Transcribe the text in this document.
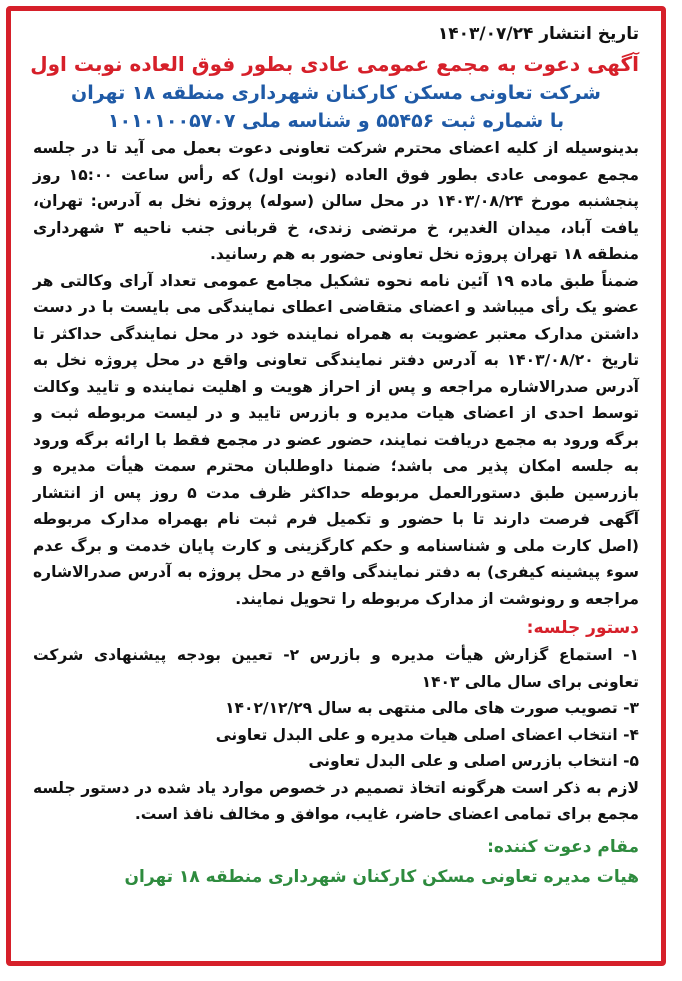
تاریخ انتشار ۱۴۰۳/۰۷/۲۴
آگهی دعوت به مجمع عمومی عادی بطور فوق العاده نوبت اول
شرکت تعاونی مسکن کارکنان شهرداری منطقه ۱۸ تهران
با شماره ثبت ۵۵۴۵۶ و شناسه ملی ۱۰۱۰۱۰۰۵۷۰۷

بدینوسیله از کلیه اعضای محترم شرکت تعاونی دعوت بعمل می آید تا در جلسه مجمع عمومی عادی بطور فوق العاده (نوبت اول) که رأس ساعت ۱۵:۰۰ روز پنجشنبه مورخ ۱۴۰۳/۰۸/۲۴ در محل سالن (سوله) پروژه نخل به آدرس: تهران، یافت آباد، میدان الغدیر، خ مرتضی زندی، خ قربانی جنب ناحیه ۳ شهرداری منطقه ۱۸ تهران پروژه نخل تعاونی حضور به هم رسانید.

ضمناً طبق ماده ۱۹ آئین نامه نحوه تشکیل مجامع عمومی تعداد آرای وکالتی هر عضو یک رأی میباشد و اعضای متقاضی اعطای نمایندگی می بایست با در دست داشتن مدارک معتبر عضویت به همراه نماینده خود در محل نمایندگی حداکثر تا تاریخ ۱۴۰۳/۰۸/۲۰ به آدرس دفتر نمایندگی تعاونی واقع در محل پروژه نخل به آدرس صدرالاشاره مراجعه و پس از احراز هویت و اهلیت نماینده و تایید وکالت توسط احدی از اعضای هیات مدیره و بازرس تایید و در لیست مربوطه ثبت و برگه ورود به مجمع دریافت نمایند، حضور عضو در مجمع فقط با ارائه برگه ورود به جلسه امکان پذیر می باشد؛ ضمنا داوطلبان محترم سمت هیأت مدیره و بازرسین طبق دستورالعمل مربوطه حداکثر ظرف مدت ۵ روز پس از انتشار آگهی فرصت دارند تا با حضور و تکمیل فرم ثبت نام بهمراه مدارک مربوطه (اصل کارت ملی و شناسنامه و حکم کارگزینی و کارت پایان خدمت و برگ عدم سوء پیشینه کیفری) به دفتر نمایندگی واقع در محل پروژه به آدرس صدرالاشاره مراجعه و رونوشت از مدارک مربوطه را تحویل نمایند.

دستور جلسه:
۱- استماع گزارش هیأت مدیره و بازرس ۲- تعیین بودجه پیشنهادی شرکت تعاونی برای سال مالی ۱۴۰۳
۳- تصویب صورت های مالی منتهی به سال ۱۴۰۲/۱۲/۲۹
۴- انتخاب اعضای اصلی هیات مدیره و علی البدل تعاونی
۵- انتخاب بازرس اصلی و علی البدل تعاونی

لازم به ذکر است هرگونه اتخاذ تصمیم در خصوص موارد یاد شده در دستور جلسه مجمع برای تمامی اعضای حاضر، غایب، موافق و مخالف نافذ است.

مقام دعوت کننده:
هیات مدیره تعاونی مسکن کارکنان شهرداری منطقه ۱۸ تهران
